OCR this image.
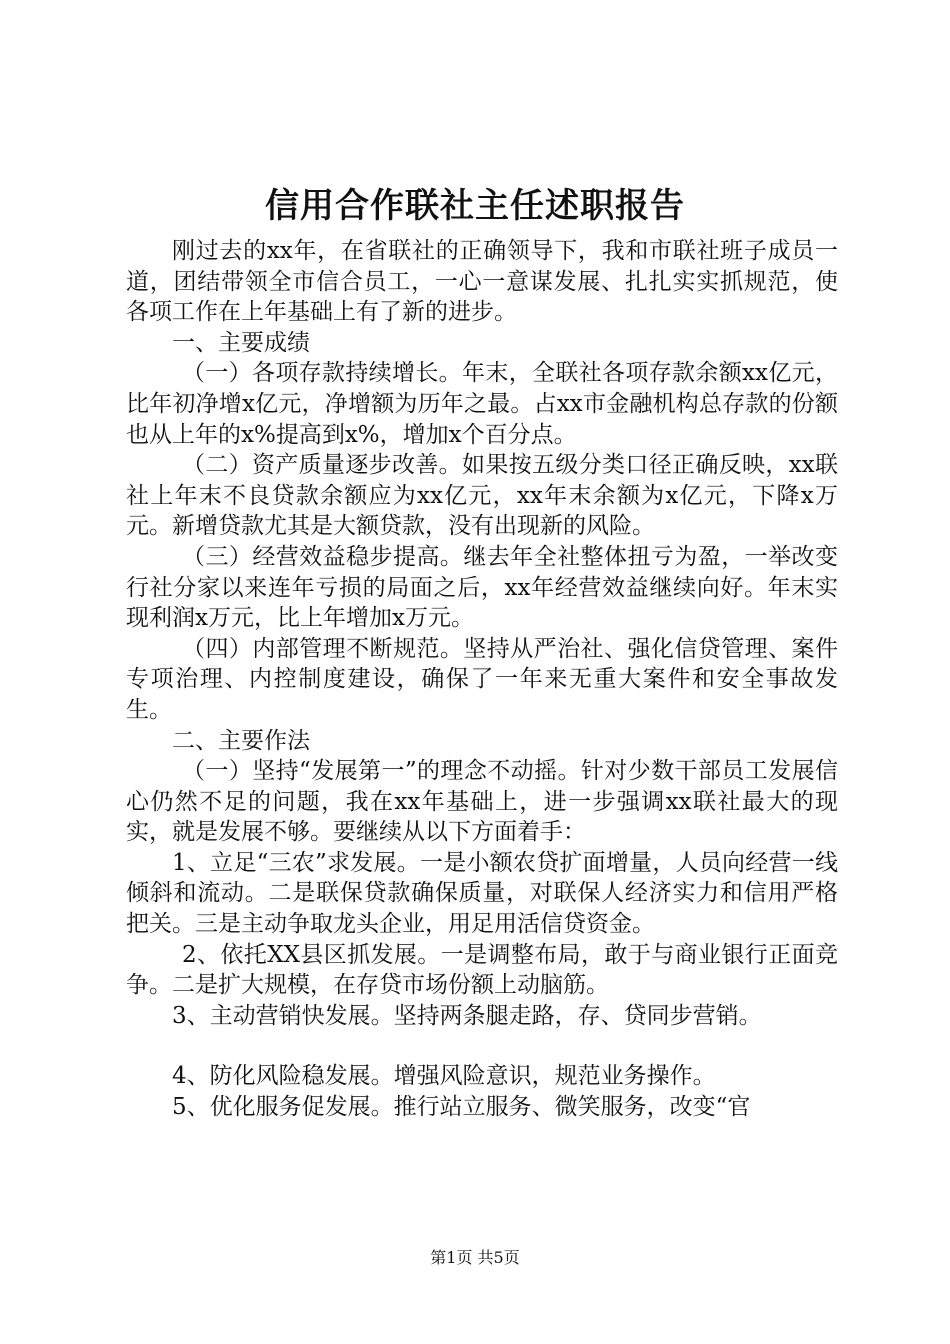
信用合作联社主任述职报告

刚过去的xx年，在省联社的正确领导下，我和市联社班子成员一道，团结带领全市信合员工，一心一意谋发展、扎扎实实抓规范，使各项工作在上年基础上有了新的进步。

一、主要成绩

（一）各项存款持续增长。年末，全联社各项存款余额xx亿元，比年初净增x亿元，净增额为历年之最。占xx市金融机构总存款的份额也从上年的x%提高到x%，增加x个百分点。

（二）资产质量逐步改善。如果按五级分类口径正确反映，xx联社上年末不良贷款余额应为xx亿元，xx年末余额为x亿元，下降x万元。新增贷款尤其是大额贷款，没有出现新的风险。

（三）经营效益稳步提高。继去年全社整体扭亏为盈，一举改变行社分家以来连年亏损的局面之后，xx年经营效益继续向好。年末实现利润x万元，比上年增加x万元。

（四）内部管理不断规范。坚持从严治社、强化信贷管理、案件专项治理、内控制度建设，确保了一年来无重大案件和安全事故发生。

二、主要作法

（一）坚持“发展第一”的理念不动摇。针对少数干部员工发展信心仍然不足的问题，我在xx年基础上，进一步强调xx联社最大的现实，就是发展不够。要继续从以下方面着手：

1、立足“三农”求发展。一是小额农贷扩面增量，人员向经营一线倾斜和流动。二是联保贷款确保质量，对联保人经济实力和信用严格把关。三是主动争取龙头企业，用足用活信贷资金。

2、依托XX县区抓发展。一是调整布局，敢于与商业银行正面竞争。二是扩大规模，在存贷市场份额上动脑筋。

3、主动营销快发展。坚持两条腿走路，存、贷同步营销。

4、防化风险稳发展。增强风险意识，规范业务操作。

5、优化服务促发展。推行站立服务、微笑服务，改变“官

第1页 共5页
